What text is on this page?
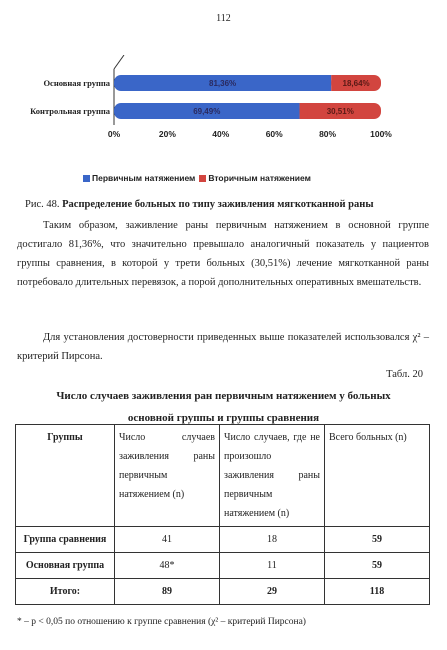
112
Основная группа	81,36%	18,64%
Контрольная группа	69,49%	30,51%
0%	20%	40%	60%	80%	100%
Первичным натяжением Вторичным натяжением
Рис. 48. Распределение больных по типу заживления мягкотканной раны
Таким образом, заживление раны первичным натяжением в основной группе достигало 81,36%, что значительно превышало аналогичный показатель у пациентов группы сравнения, в которой у трети больных (30,51%) лечение мягкотканной раны потребовало длительных перевязок, а порой дополнительных оперативных вмешательств.
Для установления достоверности приведенных выше показателей использовался χ² – критерий Пирсона.
Табл. 20
Число случаев заживления ран первичным натяжением у больных
основной группы и группы сравнения
Группы	Число случаев заживления раны первичным натяжением (n)	Число случаев, где не произошло заживления раны первичным натяжением (n)	Всего больных (n)
Группа сравнения	41	18	59
Основная группа	48*	11	59
Итого:	89	29	118
* – p < 0,05 по отношению к группе сравнения (χ² – критерий Пирсона)
